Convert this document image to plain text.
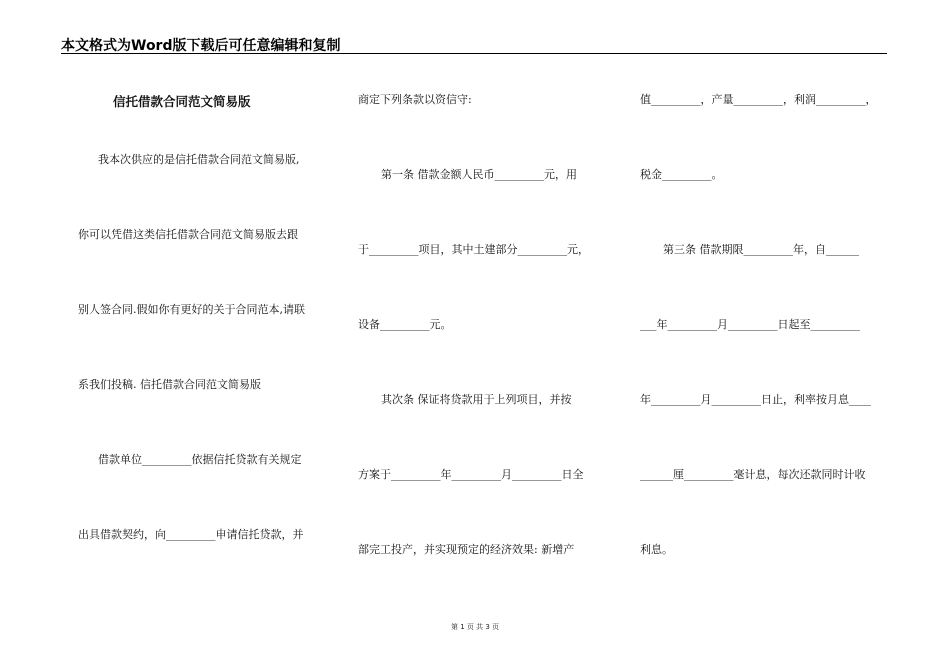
本文格式为Word版下载后可任意编辑和复制
信托借款合同范文简易版
我本次供应的是信托借款合同范文简易版,
你可以凭借这类信托借款合同范文简易版去跟
别人签合同.假如你有更好的关于合同范本,请联
系我们投稿. 信托借款合同范文简易版
借款单位_________依据信托贷款有关规定
出具借款契约，向_________申请信托贷款，并
商定下列条款以资信守:
第一条 借款金额人民币_________元，用
于_________项目，其中土建部分_________元，
设备_________元。
其次条 保证将贷款用于上列项目，并按
方案于_________年_________月_________日全
部完工投产，并实现预定的经济效果: 新增产
值_________，产量_________，利润_________，
税金_________。
第三条 借款期限_________年，自______
___年_________月_________日起至_________
年_________月_________日止，利率按月息____
______厘_________毫计息，每次还款同时计收
利息。
第 1 页 共 3 页
